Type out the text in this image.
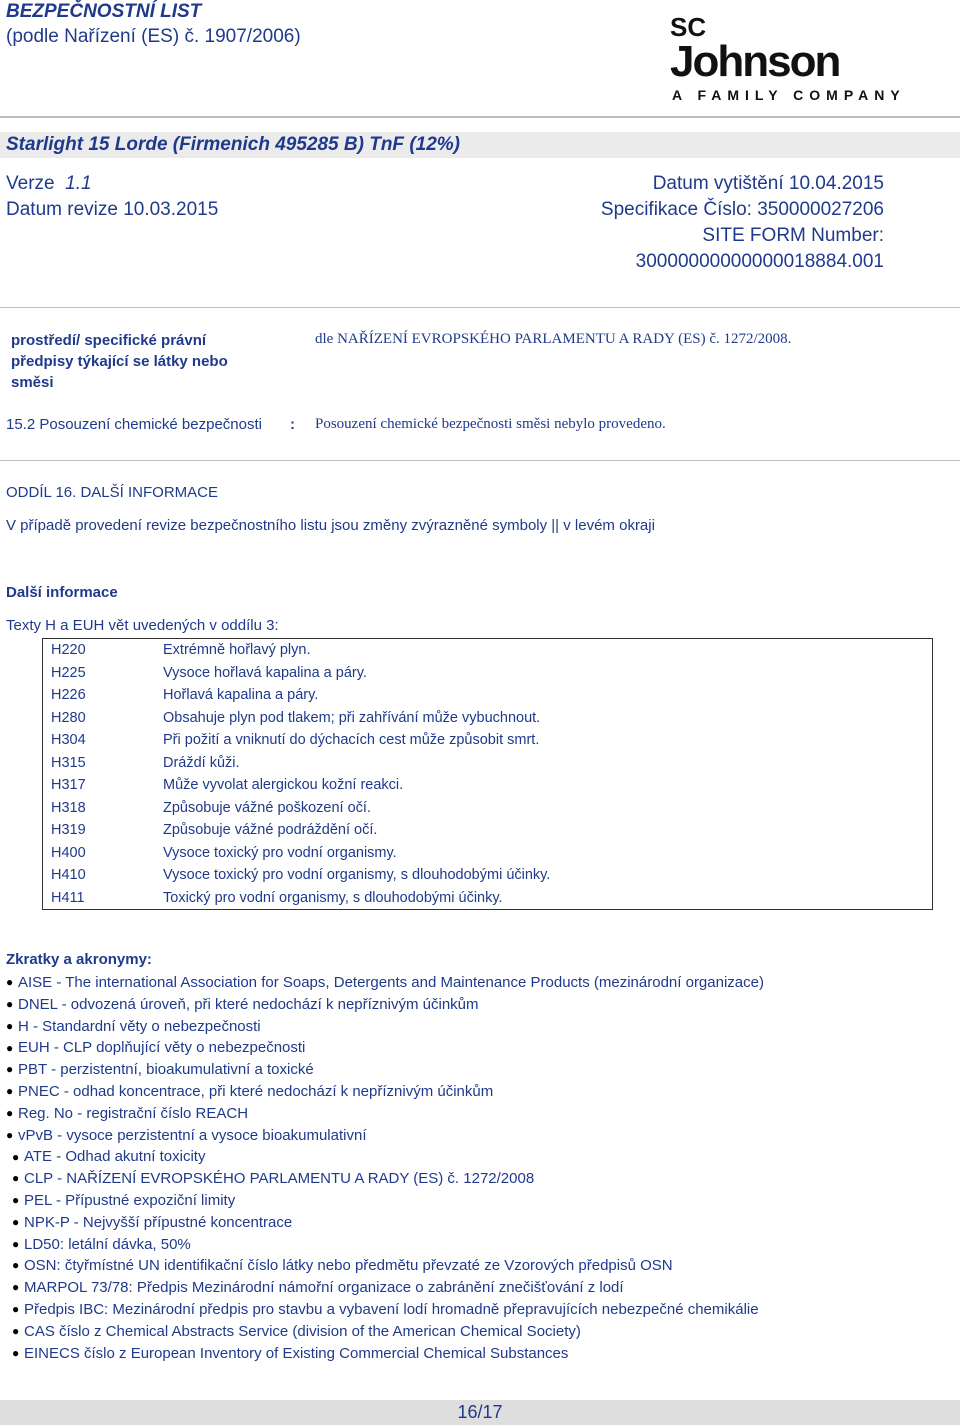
BEZPEČNOSTNÍ LIST
(podle Nařízení (ES) č. 1907/2006)	SC
Johnson
A FAMILY COMPANY
Starlight 15 Lorde (Firmenich 495285 B) TnF (12%)
Verze 1.1
Datum revize 10.03.2015
Datum vytištění 10.04.2015
Specifikace Číslo: 350000027206
SITE FORM Number:
30000000000000018884.001
prostředí/ specifické právní
předpisy týkající se látky nebo
směsi
dle NAŘÍZENÍ EVROPSKÉHO PARLAMENTU A RADY (ES) č. 1272/2008.
15.2 Posouzení chemické bezpečnosti : Posouzení chemické bezpečnosti směsi nebylo provedeno.
ODDÍL 16. DALŠÍ INFORMACE
V případě provedení revize bezpečnostního listu jsou změny zvýrazněné symboly || v levém okraji
Další informace
Texty H a EUH vět uvedených v oddílu 3:
H220	Extrémně hořlavý plyn.
H225	Vysoce hořlavá kapalina a páry.
H226	Hořlavá kapalina a páry.
H280	Obsahuje plyn pod tlakem; při zahřívání může vybuchnout.
H304	Při požití a vniknutí do dýchacích cest může způsobit smrt.
H315	Dráždí kůži.
H317	Může vyvolat alergickou kožní reakci.
H318	Způsobuje vážné poškození očí.
H319	Způsobuje vážné podráždění očí.
H400	Vysoce toxický pro vodní organismy.
H410	Vysoce toxický pro vodní organismy, s dlouhodobými účinky.
H411	Toxický pro vodní organismy, s dlouhodobými účinky.
Zkratky a akronymy:
● AISE - The international Association for Soaps, Detergents and Maintenance Products (mezinárodní organizace)
● DNEL - odvozená úroveň, při které nedochází k nepříznivým účinkům
● H - Standardní věty o nebezpečnosti
● EUH - CLP doplňující věty o nebezpečnosti
● PBT - perzistentní, bioakumulativní a toxické
● PNEC - odhad koncentrace, při které nedochází k nepříznivým účinkům
● Reg. No - registrační číslo REACH
● vPvB - vysoce perzistentní a vysoce bioakumulativní
● ATE - Odhad akutní toxicity
● CLP - NAŘÍZENÍ EVROPSKÉHO PARLAMENTU A RADY (ES) č. 1272/2008
● PEL - Přípustné expoziční limity
● NPK-P - Nejvyšší přípustné koncentrace
● LD50: letální dávka, 50%
● OSN: čtyřmístné UN identifikační číslo látky nebo předmětu převzaté ze Vzorových předpisů OSN
● MARPOL 73/78: Předpis Mezinárodní námořní organizace o zabránění znečišťování z lodí
● Předpis IBC: Mezinárodní předpis pro stavbu a vybavení lodí hromadně přepravujících nebezpečné chemikálie
● CAS číslo z Chemical Abstracts Service (division of the American Chemical Society)
● EINECS číslo z European Inventory of Existing Commercial Chemical Substances
16/17
